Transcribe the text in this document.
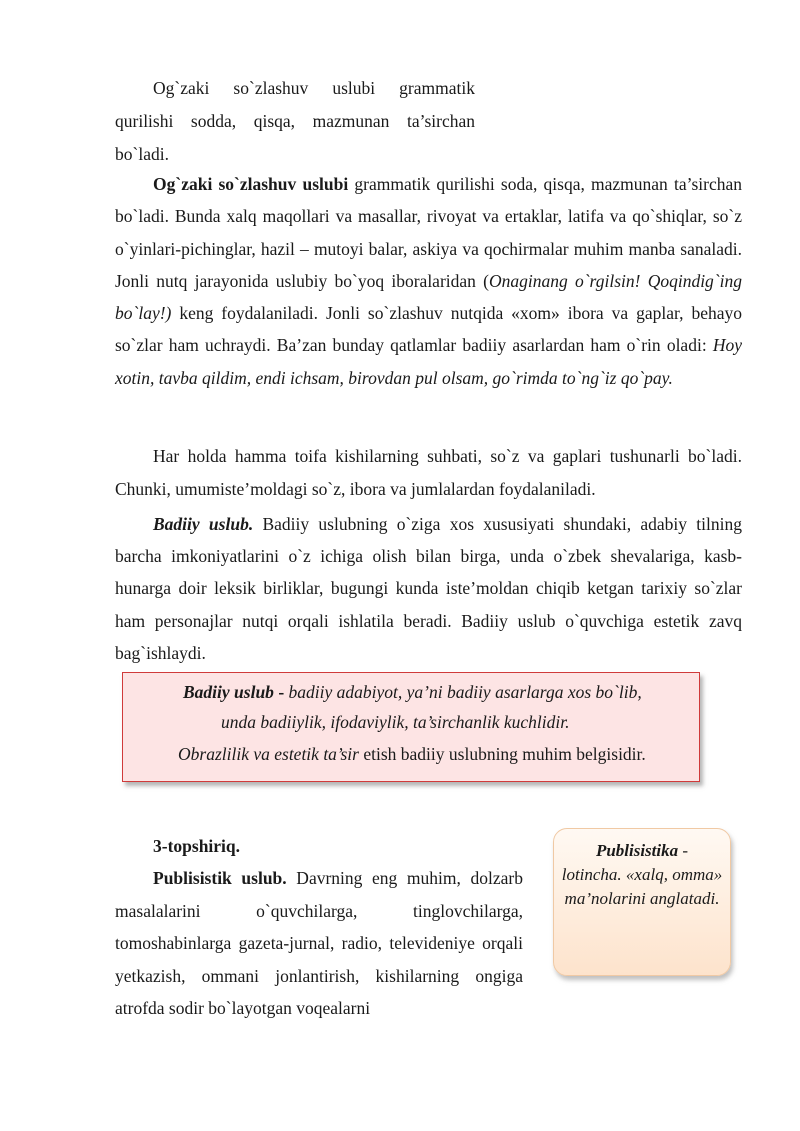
Og`zaki so`zlashuv uslubi grammatik qurilishi sodda, qisqa, mazmunan ta’sirchan bo`ladi.

Og`zaki so`zlashuv uslubi grammatik qurilishi soda, qisqa, mazmunan ta’sirchan bo`ladi. Bunda xalq maqollari va masallar, rivoyat va ertaklar, latifa va qo`shiqlar, so`z o`yinlari-pichinglar, hazil – mutoyi balar, askiya va qochirmalar muhim manba sanaladi. Jonli nutq jarayonida uslubiy bo`yoq iboralaridan (Onaginang o`rgilsin! Qoqindig`ing bo`lay!) keng foydalaniladi. Jonli so`zlashuv nutqida «xom» ibora va gaplar, behayo so`zlar ham uchraydi. Ba’zan bunday qatlamlar badiiy asarlardan ham o`rin oladi: Hoy xotin, tavba qildim, endi ichsam, birovdan pul olsam, go`rimda to`ng`iz qo`pay.

Har holda hamma toifa kishilarning suhbati, so`z va gaplari tushunarli bo`ladi. Chunki, umumiste’moldagi so`z, ibora va jumlalardan foydalaniladi.

Badiiy uslub. Badiiy uslubning o`ziga xos xususiyati shundaki, adabiy tilning barcha imkoniyatlarini o`z ichiga olish bilan birga, unda o`zbek shevalariga, kasb-hunarga doir leksik birliklar, bugungi kunda iste’moldan chiqib ketgan tarixiy so`zlar ham personajlar nutqi orqali ishlatila beradi. Badiiy uslub o`quvchiga estetik zavq bag`ishlaydi.

Badiiy uslub - badiiy adabiyot, ya’ni badiiy asarlarga xos bo`lib,
unda badiiylik, ifodaviylik, ta’sirchanlik kuchlidir.
Obrazlilik va estetik ta’sir etish badiiy uslubning muhim belgisidir.

3-topshiriq.

Publisistik uslub. Davrning eng muhim, dolzarb masalalarini o`quvchilarga, tinglovchilarga, tomoshabinlarga gazeta-jurnal, radio, televideniye orqali yetkazish, ommani jonlantirish, kishilarning ongiga atrofda sodir bo`layotgan voqealarni

Publisistika -
lotincha. «xalq, omma» ma’nolarini anglatadi.
